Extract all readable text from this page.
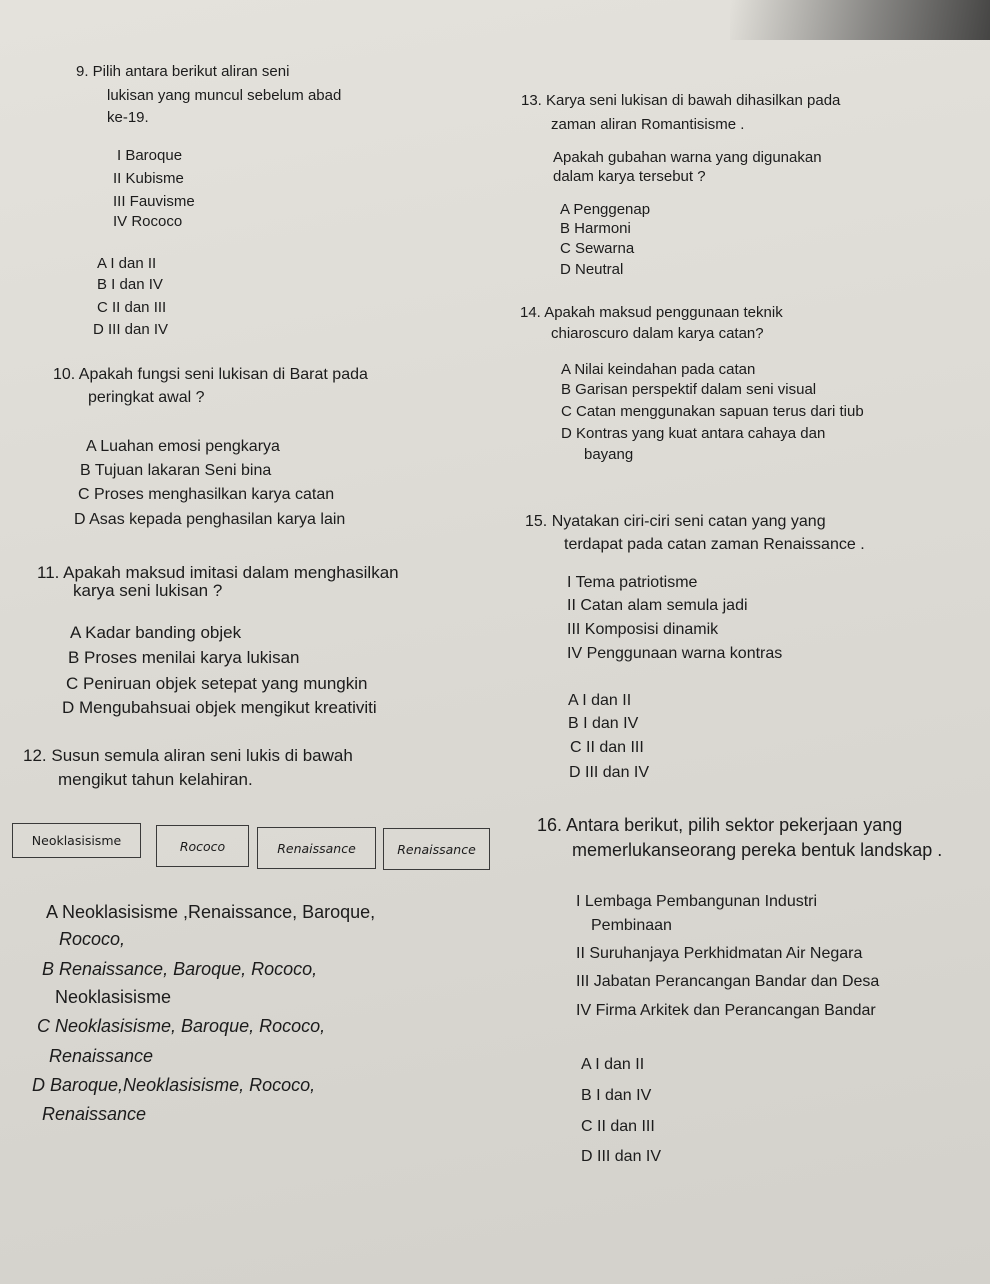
9. Pilih antara berikut aliran seni
lukisan yang muncul sebelum abad
ke-19.
I Baroque
II Kubisme
III Fauvisme
IV Rococo
A I dan II
B I dan IV
C II dan III
D III dan IV
10. Apakah fungsi seni lukisan di Barat pada
peringkat awal ?
A Luahan emosi pengkarya
B Tujuan lakaran Seni bina
C Proses menghasilkan karya catan
D Asas kepada penghasilan karya lain
11. Apakah maksud imitasi dalam menghasilkan
karya seni lukisan ?
A Kadar banding objek
B Proses menilai karya lukisan
C Peniruan objek setepat yang mungkin
D Mengubahsuai objek mengikut kreativiti
12. Susun semula aliran seni lukis di bawah
mengikut tahun kelahiran.
Neoklasisisme	Rococo	Renaissance	Renaissance
A Neoklasisisme ,Renaissance, Baroque,
Rococo,
B Renaissance, Baroque, Rococo,
Neoklasisisme
C Neoklasisisme, Baroque, Rococo,
Renaissance
D Baroque,Neoklasisisme, Rococo,
Renaissance
13. Karya seni lukisan di bawah dihasilkan pada
zaman aliran Romantisisme .
Apakah gubahan warna yang digunakan
dalam karya tersebut ?
A Penggenap
B Harmoni
C Sewarna
D Neutral
14. Apakah maksud penggunaan teknik
chiaroscuro dalam karya catan?
A Nilai keindahan pada catan
B Garisan perspektif dalam seni visual
C Catan menggunakan sapuan terus dari tiub
D Kontras yang kuat antara cahaya dan
bayang
15. Nyatakan ciri-ciri seni catan yang yang
terdapat pada catan zaman Renaissance .
I Tema patriotisme
II Catan alam semula jadi
III Komposisi dinamik
IV Penggunaan warna kontras
A I dan II
B I dan IV
C II dan III
D III dan IV
16. Antara berikut, pilih sektor pekerjaan yang
memerlukanseorang pereka bentuk landskap .
I Lembaga Pembangunan Industri
Pembinaan
II Suruhanjaya Perkhidmatan Air Negara
III Jabatan Perancangan Bandar dan Desa
IV Firma Arkitek dan Perancangan Bandar
A I dan II
B I dan IV
C II dan III
D III dan IV
